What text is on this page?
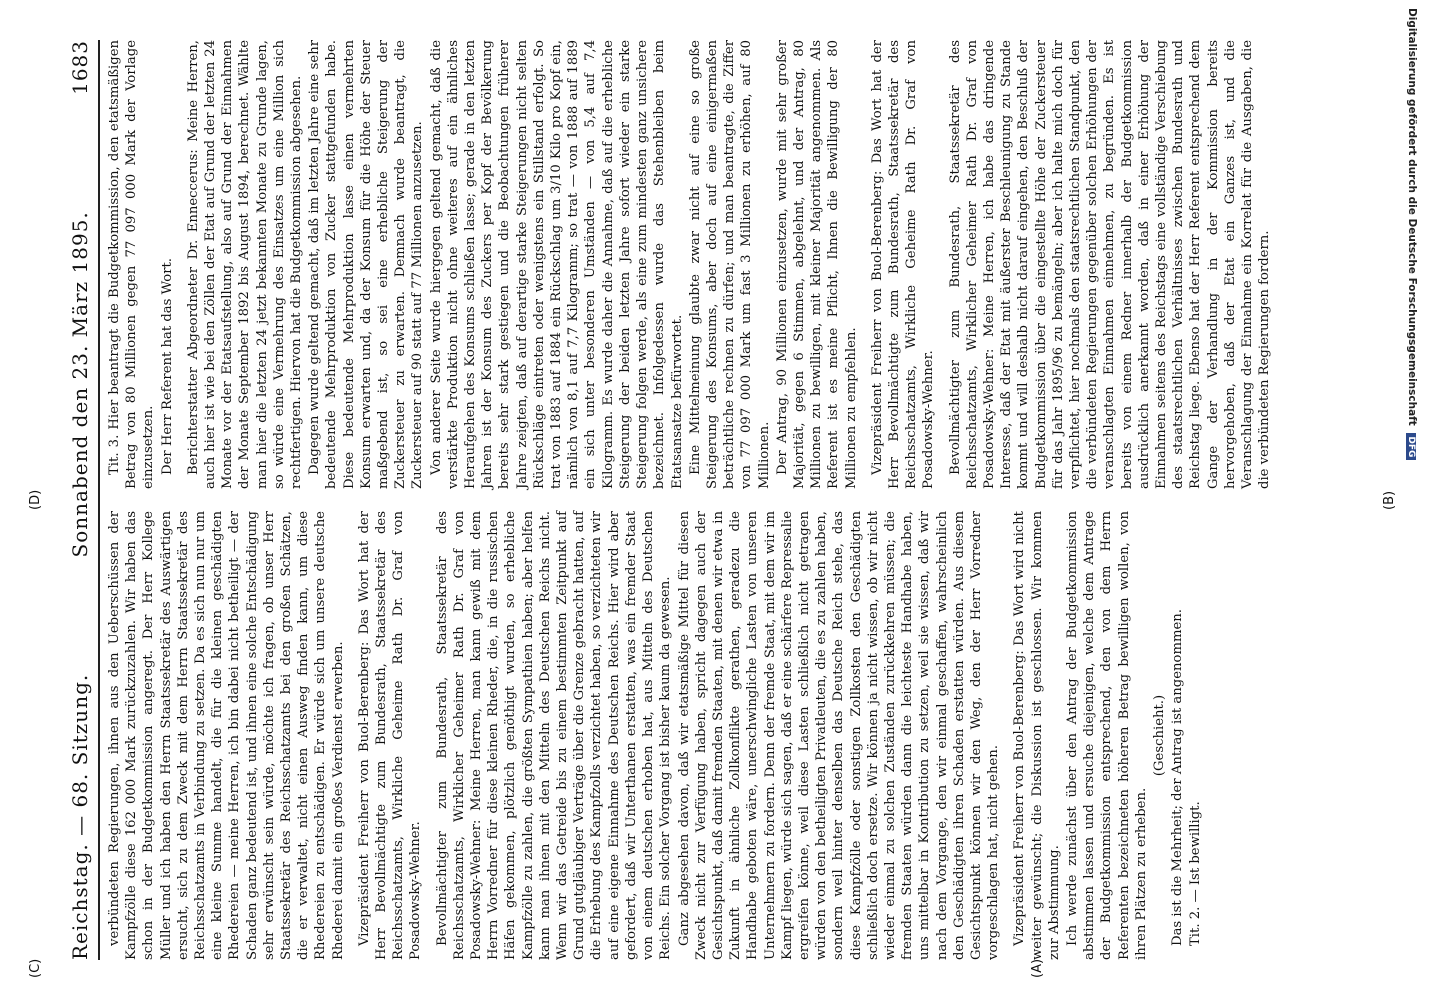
Reichstag. — 68. Sitzung.
Sonnabend den 23. März 1895.
1683

verbündeten Regierungen, ihnen aus den Ueberschüssen der Kampfzölle diese 162 000 Mark zurückzuzahlen. Wir haben das schon in der Budgetkommission angeregt. Der Herr Kollege Müller und ich haben den Herrn Staatssekretär des Auswärtigen ersucht, sich zu dem Zweck mit dem Herrn Staatssekretär des Reichsschatzamts in Verbindung zu setzen. Da es sich nun nur um eine kleine Summe handelt, die für die kleinen geschädigten Rhedereien — meine Herren, ich bin dabei nicht betheiligt — der Schaden ganz bedeutend ist, und ihnen eine solche Entschädigung sehr erwünscht sein würde, möchte ich fragen, ob unser Herr Staatssekretär des Reichsschatzamts bei den großen Schätzen, die er verwaltet, nicht einen Ausweg finden kann, um diese Rhedereien zu entschädigen. Er würde sich um unsere deutsche Rhederei damit ein großes Verdienst erwerben. Vizepräsident Freiherr von Buol-Berenberg: Das Wort hat der Herr Bevollmächtigte zum Bundesrath, Staatssekretär des Reichsschatzamts, Wirkliche Geheime Rath Dr. Graf von Posadowsky-Wehner. Bevollmächtigter zum Bundesrath, Staatssekretär des Reichsschatzamts, Wirklicher Geheimer Rath Dr. Graf von Posadowsky-Wehner: Meine Herren, man kann gewiß mit dem Herrn Vorredner für diese kleinen Rheder, die, in die russischen Häfen gekommen, plötzlich genöthigt wurden, so erhebliche Kampfzölle zu zahlen, die größten Sympathien haben; aber helfen kann man ihnen mit den Mitteln des Deutschen Reichs nicht. Wenn wir das Getreide bis zu einem bestimmten Zeitpunkt auf Grund gutgläubiger Verträge über die Grenze gebracht hatten, auf die Erhebung des Kampfzolls verzichtet haben, so verzichteten wir auf eine eigene Einnahme des Deutschen Reichs. Hier wird aber gefordert, daß wir Unterthanen erstatten, was ein fremder Staat von einem deutschen erhoben hat, aus Mitteln des Deutschen Reichs. Ein solcher Vorgang ist bisher kaum da gewesen. Ganz abgesehen davon, daß wir etatsmäßige Mittel für diesen Zweck nicht zur Verfügung haben, spricht dagegen auch der Gesichtspunkt, daß damit fremden Staaten, mit denen wir etwa in Zukunft in ähnliche Zollkonflikte gerathen, geradezu die Handhabe geboten wäre, unerschwingliche Lasten von unseren Unternehmern zu fordern. Denn der fremde Staat, mit dem wir im Kampf liegen, würde sich sagen, daß er eine schärfere Repressalie ergreifen könne, weil diese Lasten schließlich nicht getragen würden von den betheiligten Privatleuten, die es zu zahlen haben, sondern weil hinter denselben das Deutsche Reich stehe, das diese Kampfzölle oder sonstigen Zollkosten den Geschädigten schließlich doch ersetze. Wir können ja nicht wissen, ob wir nicht wieder einmal zu solchen Zuständen zurückkehren müssen; die fremden Staaten würden dann die leichteste Handhabe haben, uns mittelbar in Kontribution zu setzen, weil sie wissen, daß wir nach dem Vorgange, den wir einmal geschaffen, wahrscheinlich den Geschädigten ihren Schaden erstatten würden. Aus diesem Gesichtspunkt können wir den Weg, den der Herr Vorredner vorgeschlagen hat, nicht gehen. Vizepräsident Freiherr von Buol-Berenberg: Das Wort wird nicht weiter gewünscht; die Diskussion ist geschlossen. Wir kommen zur Abstimmung. Ich werde zunächst über den Antrag der Budgetkommission abstimmen lassen und ersuche diejenigen, welche dem Antrage der Budgetkommission entsprechend, den von dem Herrn Referenten bezeichneten höheren Betrag bewilligen wollen, von ihren Plätzen zu erheben.

(Geschieht.) Das ist die Mehrheit; der Antrag ist angenommen. Tit. 2. — Ist bewilligt.

Tit. 3. Hier beantragt die Budgetkommission, den etatsmäßigen Betrag von 80 Millionen gegen 77 097 000 Mark der Vorlage einzusetzen. Der Herr Referent hat das Wort. Berichterstatter Abgeordneter Dr. Enneccerus: Meine Herren, auch hier ist wie bei den Zöllen der Etat auf Grund der letzten 24 Monate vor der Etatsaufstellung, also auf Grund der Einnahmen der Monate September 1892 bis August 1894, berechnet. Wählte man hier die letzten 24 jetzt bekannten Monate zu Grunde lagen, so würde eine Vermehrung des Einsatzes um eine Million sich rechtfertigen. Hiervon hat die Budgetkommission abgesehen. Dagegen wurde geltend gemacht, daß im letzten Jahre eine sehr bedeutende Mehrproduktion von Zucker stattgefunden habe. Diese bedeutende Mehrproduktion lasse einen vermehrten Konsum erwarten und, da der Konsum für die Höhe der Steuer maßgebend ist, so sei eine erhebliche Steigerung der Zuckersteuer zu erwarten. Demnach wurde beantragt, die Zuckersteuer auf 90 statt auf 77 Millionen anzusetzen. Von anderer Seite wurde hiergegen geltend gemacht, daß die verstärkte Produktion nicht ohne weiteres auf ein ähnliches Heraufgehen des Konsums schließen lasse; gerade in den letzten Jahren ist der Konsum des Zuckers per Kopf der Bevölkerung bereits sehr stark gestiegen und die Beobachtungen früherer Jahre zeigten, daß auf derartige starke Steigerungen nicht selten Rückschläge eintreten oder wenigstens ein Stillstand erfolgt. So trat von 1883 auf 1884 ein Rückschlag um 3/10 Kilo pro Kopf ein, nämlich von 8,1 auf 7,7 Kilogramm; so trat — von 1888 auf 1889 ein sich unter besonderen Umständen — von 5,4 auf 7,4 Kilogramm. Es wurde daher die Annahme, daß auf die erhebliche Steigerung der beiden letzten Jahre sofort wieder ein starke Steigerung folgen werde, als eine zum mindesten ganz unsichere bezeichnet. Infolgedessen wurde das Stehenbleiben beim Etatsansatze befürwortet. Eine Mittelmeinung glaubte zwar nicht auf eine so große Steigerung des Konsums, aber doch auf eine einigermaßen beträchtliche rechnen zu dürfen; und man beantragte, die Ziffer von 77 097 000 Mark um fast 3 Millionen zu erhöhen, auf 80 Millionen. Der Antrag, 90 Millionen einzusetzen, wurde mit sehr großer Majorität, gegen 6 Stimmen, abgelehnt, und der Antrag, 80 Millionen zu bewilligen, mit kleiner Majorität angenommen. Als Referent ist es meine Pflicht, Ihnen die Bewilligung der 80 Millionen zu empfehlen. Vizepräsident Freiherr von Buol-Berenberg: Das Wort hat der Herr Bevollmächtigte zum Bundesrath, Staatssekretär des Reichsschatzamts, Wirkliche Geheime Rath Dr. Graf von Posadowsky-Wehner. Bevollmächtigter zum Bundesrath, Staatssekretär des Reichsschatzamts, Wirklicher Geheimer Rath Dr. Graf von Posadowsky-Wehner: Meine Herren, ich habe das dringende Interesse, daß der Etat mit äußerster Beschleunigung zu Stande kommt und will deshalb nicht darauf eingehen, den Beschluß der Budgetkommission über die eingestellte Höhe der Zuckersteuer für das Jahr 1895/96 zu bemängeln; aber ich halte mich doch für verpflichtet, hier nochmals den staatsrechtlichen Standpunkt, den die verbündeten Regierungen gegenüber solchen Erhöhungen der veranschlagten Einnahmen einnehmen, zu begründen. Es ist bereits von einem Redner innerhalb der Budgetkommission ausdrücklich anerkannt worden, daß in einer Erhöhung der Einnahmen seitens des Reichstags eine vollständige Verschiebung des staatsrechtlichen Verhältnisses zwischen Bundesrath und Reichstag liege. Ebenso hat der Herr Referent entsprechend dem Gange der Verhandlung in der Kommission bereits hervorgehoben, daß der Etat ein Ganzes ist, und die Veranschlagung der Einnahme ein Korrelat für die Ausgaben, die die verbündeten Regierungen fordern.

(A)
(C)
(B)
(D)
Digitalisierung gefördert durch die Deutsche Forschungsgemeinschaft DFG
